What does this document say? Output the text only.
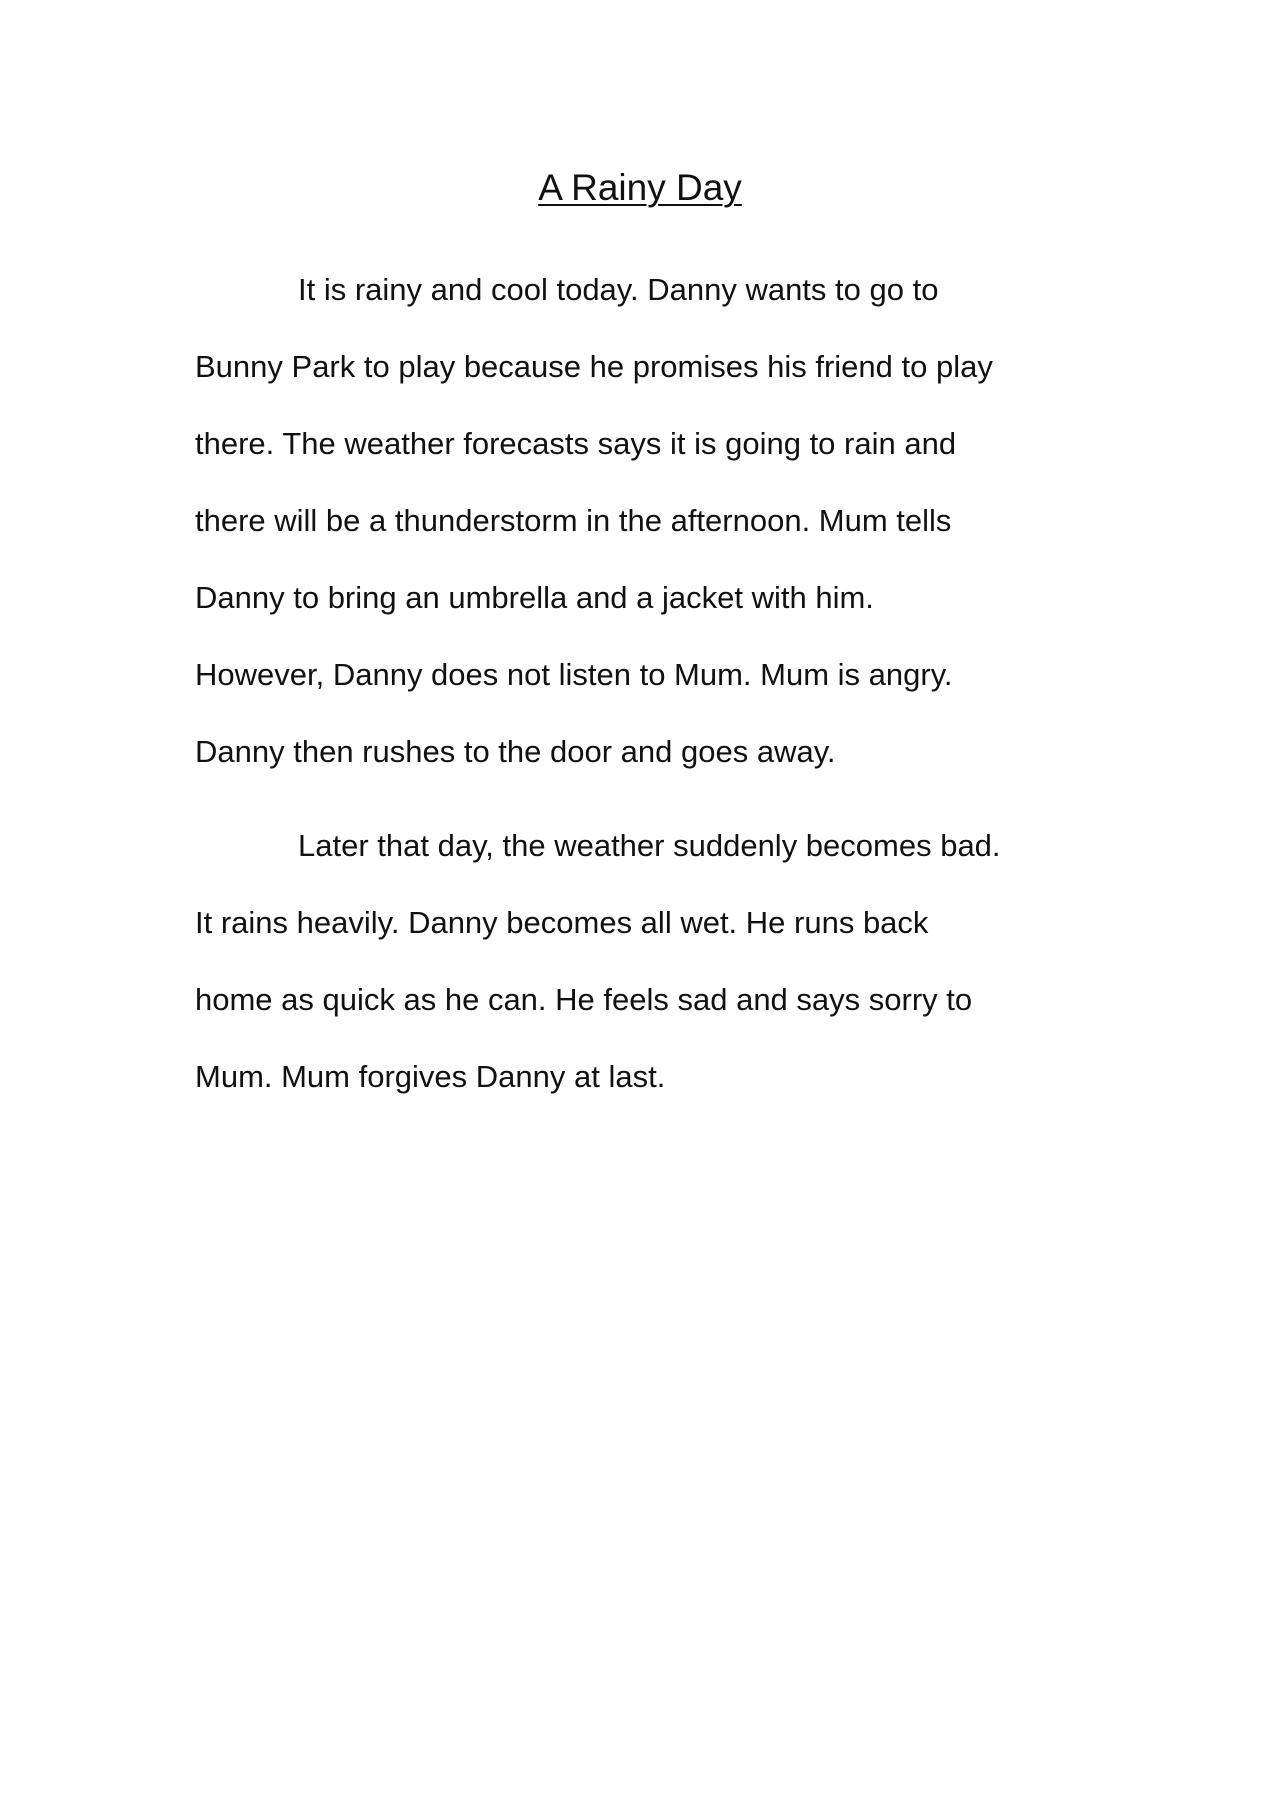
A Rainy Day

It is rainy and cool today. Danny wants to go to

Bunny Park to play because he promises his friend to play

there. The weather forecasts says it is going to rain and

there will be a thunderstorm in the afternoon. Mum tells

Danny to bring an umbrella and a jacket with him.

However, Danny does not listen to Mum. Mum is angry.

Danny then rushes to the door and goes away.

Later that day, the weather suddenly becomes bad.

It rains heavily. Danny becomes all wet. He runs back

home as quick as he can. He feels sad and says sorry to

Mum. Mum forgives Danny at last.
